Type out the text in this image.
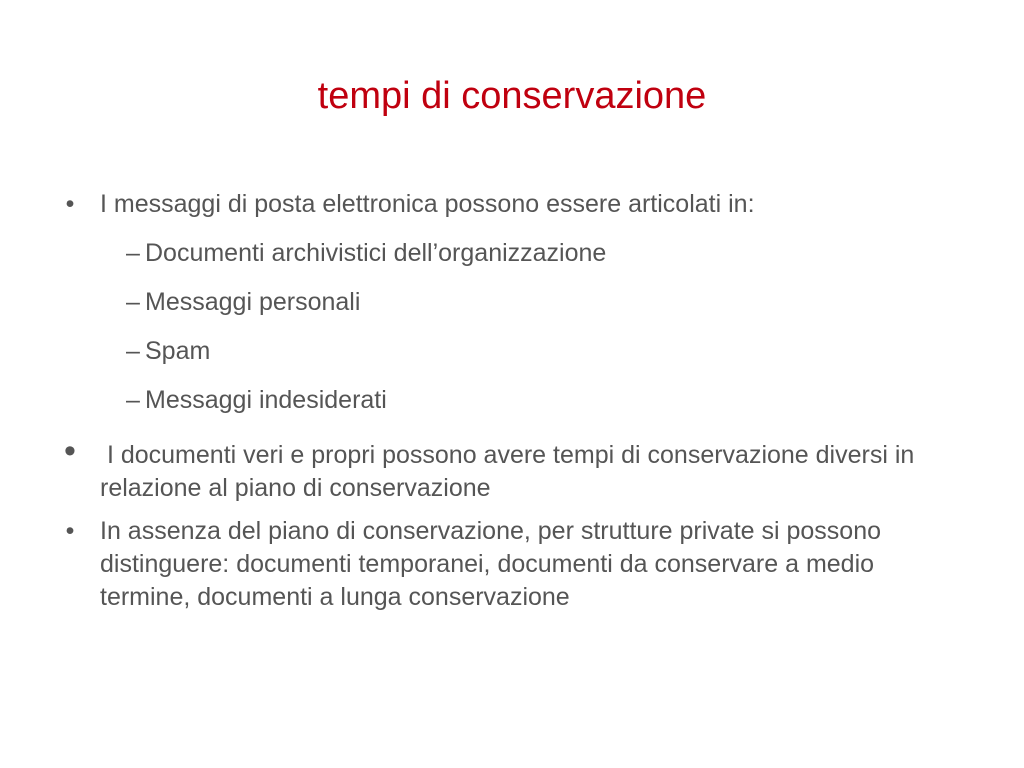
tempi di conservazione
• I messaggi di posta elettronica possono essere articolati in:
– Documenti archivistici dell’organizzazione
– Messaggi personali
– Spam
– Messaggi indesiderati
• I documenti veri e propri possono avere tempi di conservazione diversi in relazione al piano di conservazione
• In assenza del piano di conservazione, per strutture private si possono distinguere: documenti temporanei, documenti da conservare a medio termine, documenti a lunga conservazione
